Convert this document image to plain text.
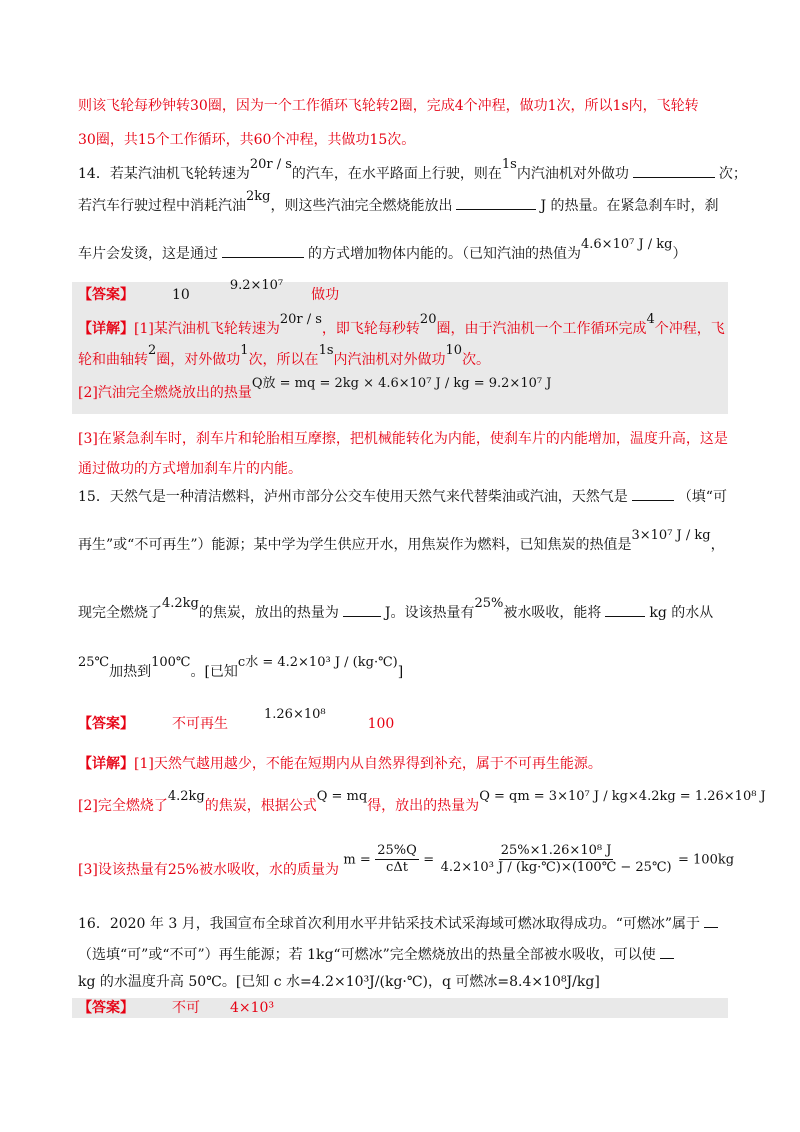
则该飞轮每秒钟转30圈，因为一个工作循环飞轮转2圈，完成4个冲程，做功1次，所以1s内，飞轮转
30圈，共15个工作循环，共60个冲程，共做功15次。
14．若某汽油机飞轮转速为20r / s的汽车，在水平路面上行驶，则在1s内汽油机对外做功	次；
若汽车行驶过程中消耗汽油2kg，则这些汽油完全燃烧能放出	J 的热量。在紧急刹车时，刹
车片会发烫，这是通过	的方式增加物体内能的。（已知汽油的热值为4.6×10⁷ J / kg）
【答案】	109.2×10⁷做功
【详解】[1]某汽油机飞轮转速为20r / s，即飞轮每秒转20圈，由于汽油机一个工作循环完成4个冲程，飞
轮和曲轴转2圈，对外做功1次，所以在1s内汽油机对外做功10次。
[2]汽油完全燃烧放出的热量Q放 = mq = 2kg × 4.6×10⁷ J / kg = 9.2×10⁷ J
[3]在紧急刹车时，刹车片和轮胎相互摩擦，把机械能转化为内能，使刹车片的内能增加，温度升高，这是
通过做功的方式增加刹车片的内能。
15．天然气是一种清洁燃料，泸州市部分公交车使用天然气来代替柴油或汽油，天然气是	（填“可
再生”或“不可再生”）能源；某中学为学生供应开水，用焦炭作为燃料，已知焦炭的热值是3×10⁷ J / kg，
现完全燃烧了4.2kg的焦炭，放出的热量为	J。设该热量有25%被水吸收，能将	kg 的水从
25℃加热到100℃。[已知c水 = 4.2×10³ J / (kg·℃)]
【答案】	不可再生1.26×10⁸100
【详解】[1]天然气越用越少，不能在短期内从自然界得到补充，属于不可再生能源。
[2]完全燃烧了4.2kg的焦炭，根据公式Q = mq得，放出的热量为Q = qm = 3×10⁷ J / kg×4.2kg = 1.26×10⁸ J
[3]设该热量有25%被水吸收，水的质量为 $m = \frac{25\%Q}{\text{cΔt}} = \frac{\text{25\%×1.26×10⁸ J}}{\text{4.2×10³ J / (kg·℃)×(100℃ − 25℃)}} = 100kg$
16．2020 年 3 月，我国宣布全球首次利用水平井钻采技术试采海域可燃冰取得成功。“可燃冰”属于
（选填“可”或“不可”）再生能源；若 1kg“可燃冰”完全燃烧放出的热量全部被水吸收，可以使
kg 的水温度升高 50℃。[已知 c 水=4.2×10³J/(kg·℃)，q 可燃冰=8.4×10⁸J/kg]
【答案】	不可 4×10³
